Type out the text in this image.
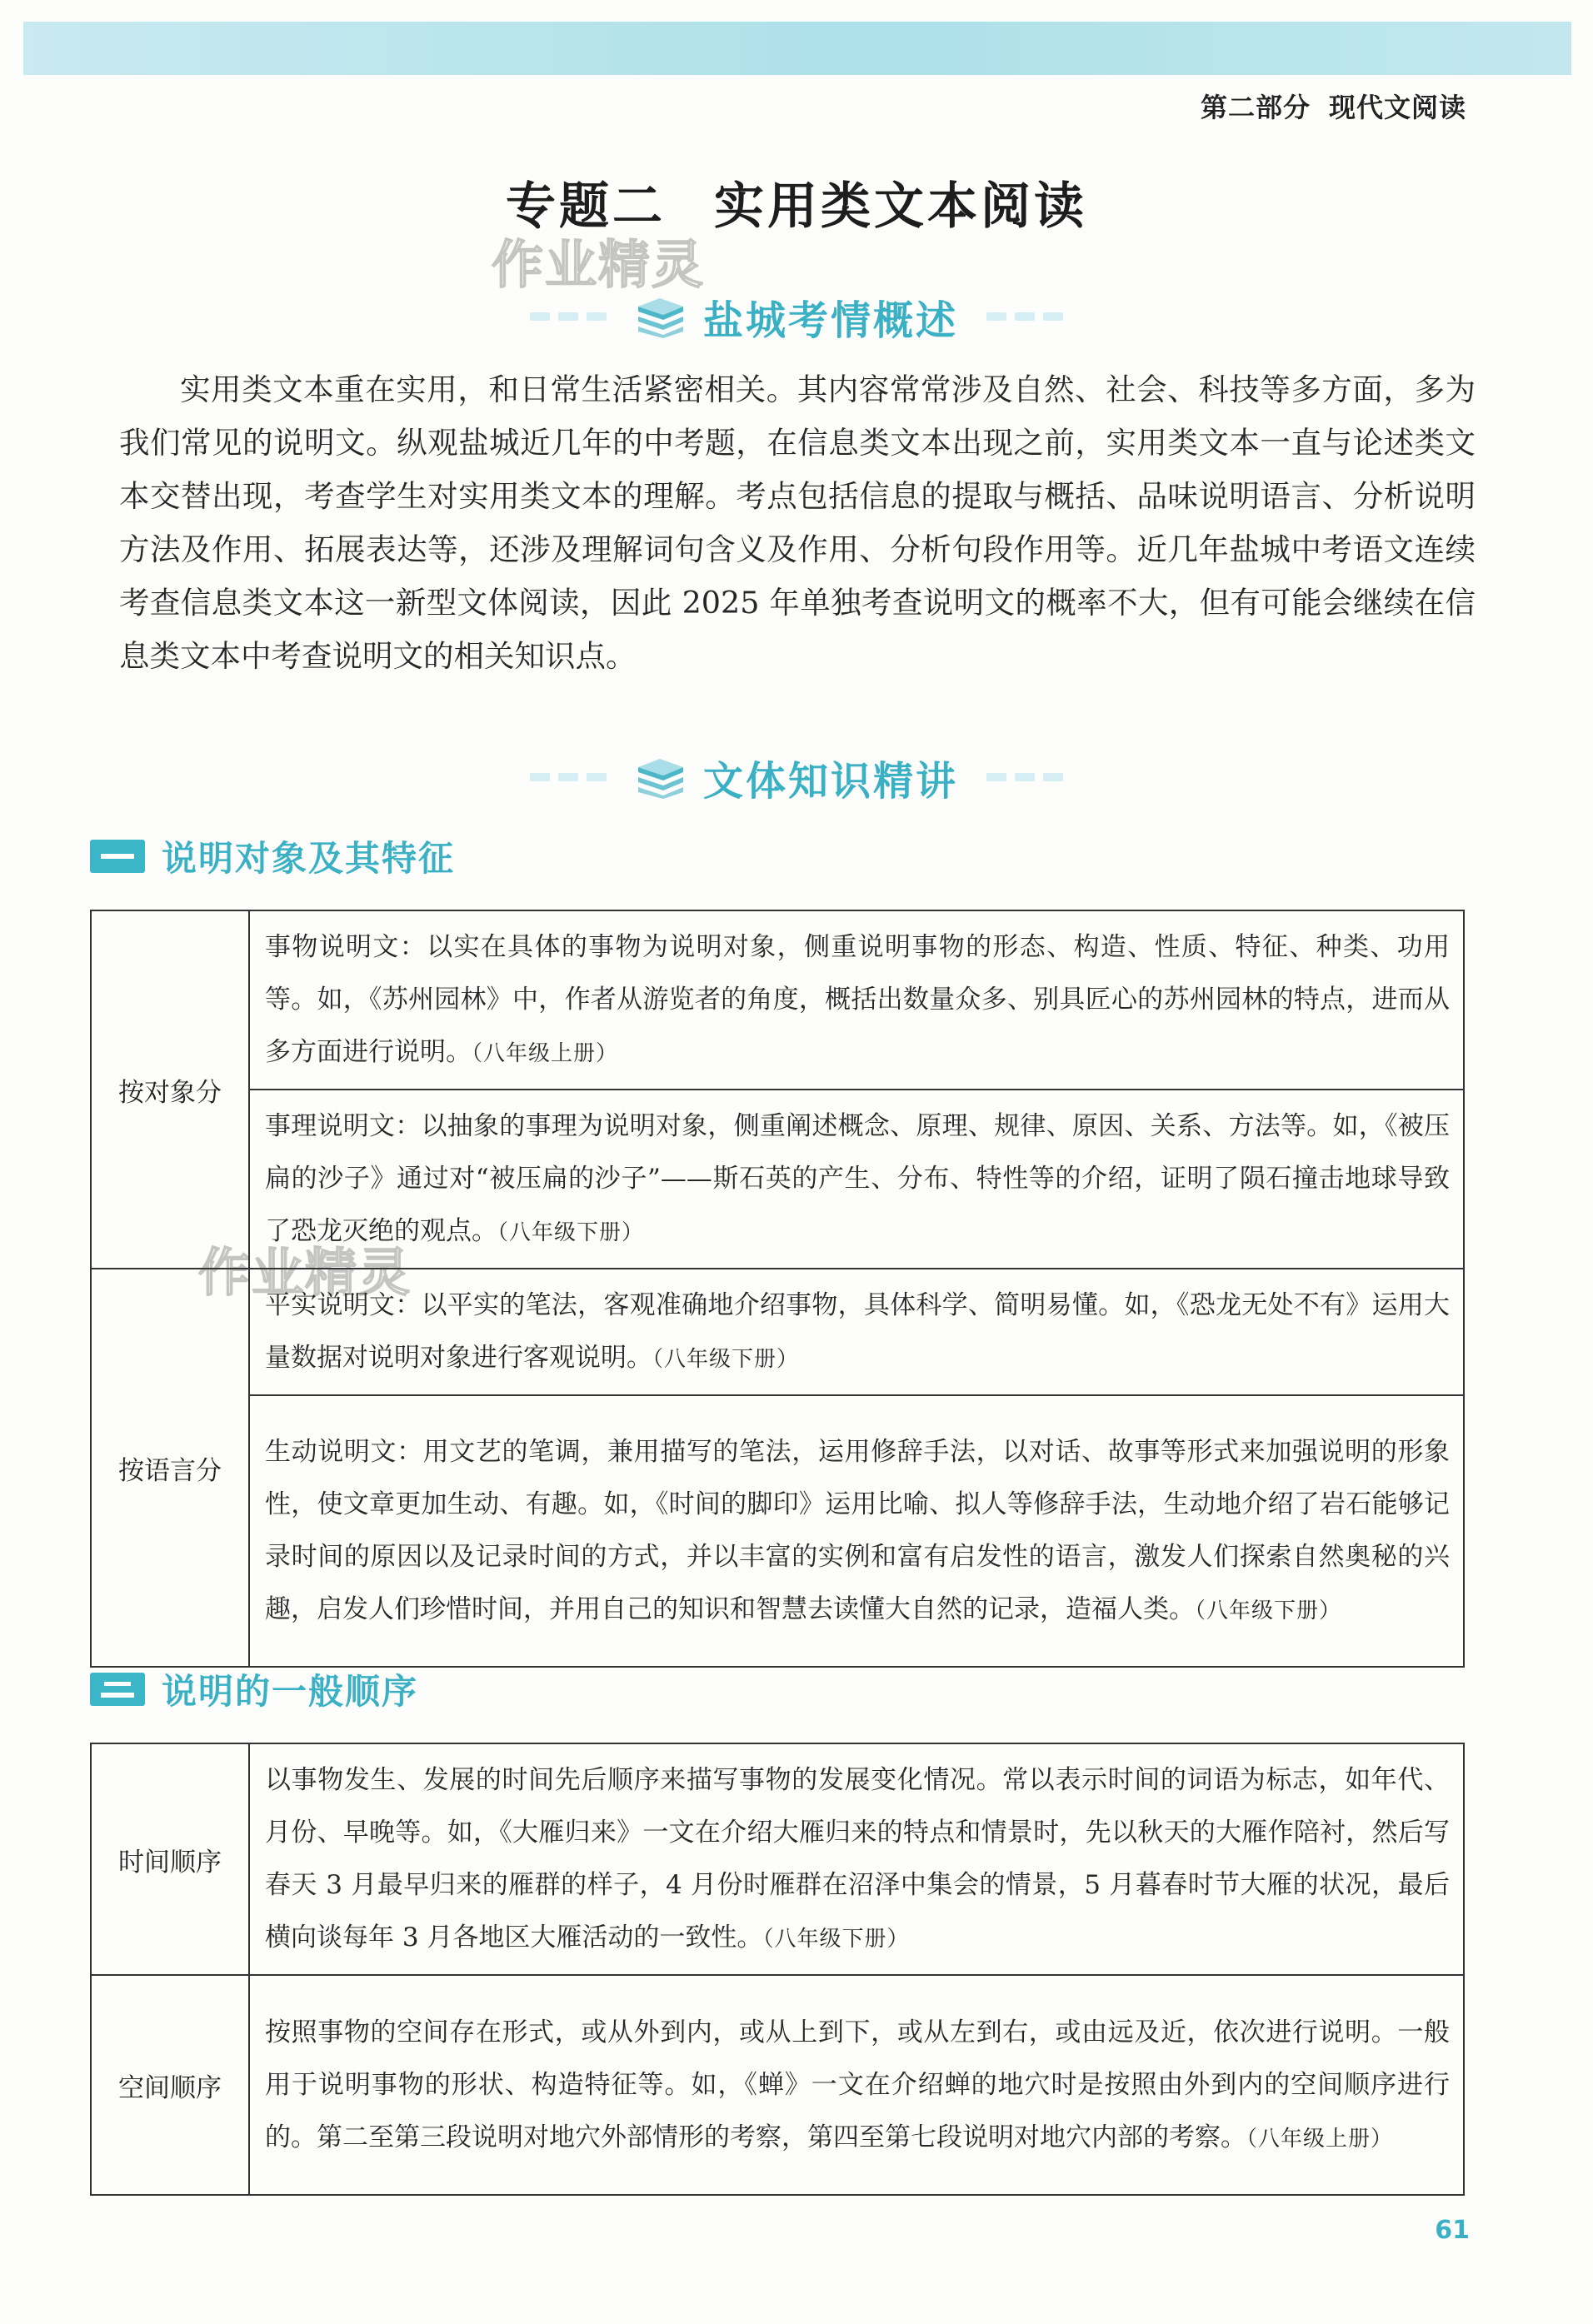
第二部分 现代文阅读
专题二 实用类文本阅读
作业精灵
作业精灵
盐城考情概述

实用类文本重在实用，和日常生活紧密相关。其内容常常涉及自然、社会、科技等多方面，多为我们常见的说明文。纵观盐城近几年的中考题，在信息类文本出现之前，实用类文本一直与论述类文本交替出现，考查学生对实用类文本的理解。考点包括信息的提取与概括、品味说明语言、分析说明方法及作用、拓展表达等，还涉及理解词句含义及作用、分析句段作用等。近几年盐城中考语文连续考查信息类文本这一新型文体阅读，因此 2025 年单独考查说明文的概率不大，但有可能会继续在信息类文本中考查说明文的相关知识点。

文体知识精讲
说明对象及其特征
按对象分	事物说明文：以实在具体的事物为说明对象，侧重说明事物的形态、构造、性质、特征、种类、功用等。如，《苏州园林》中，作者从游览者的角度，概括出数量众多、别具匠心的苏州园林的特点，进而从多方面进行说明。（八年级上册）
	事理说明文：以抽象的事理为说明对象，侧重阐述概念、原理、规律、原因、关系、方法等。如，《被压扁的沙子》通过对“被压扁的沙子”——斯石英的产生、分布、特性等的介绍，证明了陨石撞击地球导致了恐龙灭绝的观点。（八年级下册）
按语言分	平实说明文：以平实的笔法，客观准确地介绍事物，具体科学、简明易懂。如，《恐龙无处不有》运用大量数据对说明对象进行客观说明。（八年级下册）
	生动说明文：用文艺的笔调，兼用描写的笔法，运用修辞手法，以对话、故事等形式来加强说明的形象性，使文章更加生动、有趣。如，《时间的脚印》运用比喻、拟人等修辞手法，生动地介绍了岩石能够记录时间的原因以及记录时间的方式，并以丰富的实例和富有启发性的语言，激发人们探索自然奥秘的兴趣，启发人们珍惜时间，并用自己的知识和智慧去读懂大自然的记录，造福人类。（八年级下册）
说明的一般顺序
时间顺序	以事物发生、发展的时间先后顺序来描写事物的发展变化情况。常以表示时间的词语为标志，如年代、月份、早晚等。如，《大雁归来》一文在介绍大雁归来的特点和情景时，先以秋天的大雁作陪衬，然后写春天 3 月最早归来的雁群的样子，4 月份时雁群在沼泽中集会的情景，5 月暮春时节大雁的状况，最后横向谈每年 3 月各地区大雁活动的一致性。（八年级下册）
空间顺序	按照事物的空间存在形式，或从外到内，或从上到下，或从左到右，或由远及近，依次进行说明。一般用于说明事物的形状、构造特征等。如，《蝉》一文在介绍蝉的地穴时是按照由外到内的空间顺序进行的。第二至第三段说明对地穴外部情形的考察，第四至第七段说明对地穴内部的考察。（八年级上册）
61
